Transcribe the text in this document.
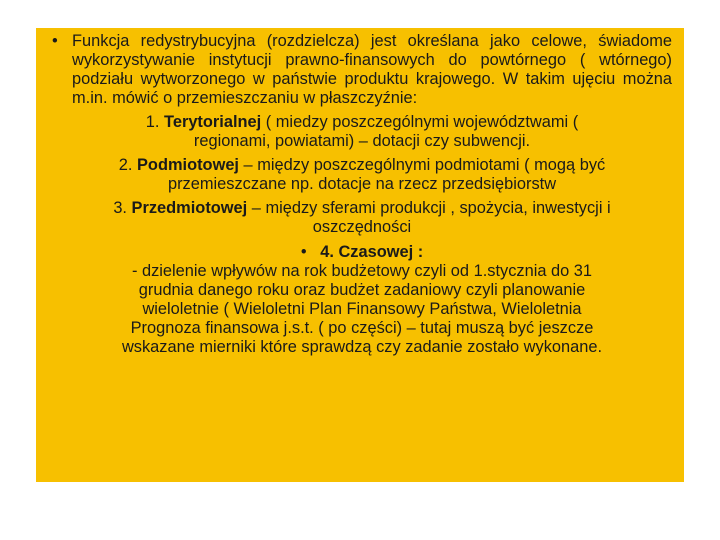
• Funkcja redystrybucyjna (rozdzielcza) jest określana jako celowe, świadome wykorzystywanie instytucji prawno-finansowych do powtórnego ( wtórnego) podziału wytworzonego w państwie produktu krajowego. W takim ujęciu można m.in. mówić o przemieszczaniu w płaszczyźnie:

1. Terytorialnej ( miedzy poszczególnymi województwami (

regionami, powiatami) – dotacji czy subwencji.

2. Podmiotowej – między poszczególnymi podmiotami ( mogą być

przemieszczane np. dotacje na rzecz przedsiębiorstw

3. Przedmiotowej – między sferami produkcji , spożycia, inwestycji i

oszczędności

• 4. Czasowej :

- dzielenie wpływów na rok budżetowy czyli od 1.stycznia do 31

grudnia danego roku oraz budżet zadaniowy czyli planowanie

wieloletnie ( Wieloletni Plan Finansowy Państwa, Wieloletnia

Prognoza finansowa j.s.t. ( po części) – tutaj muszą być jeszcze

wskazane mierniki które sprawdzą czy zadanie zostało wykonane.
